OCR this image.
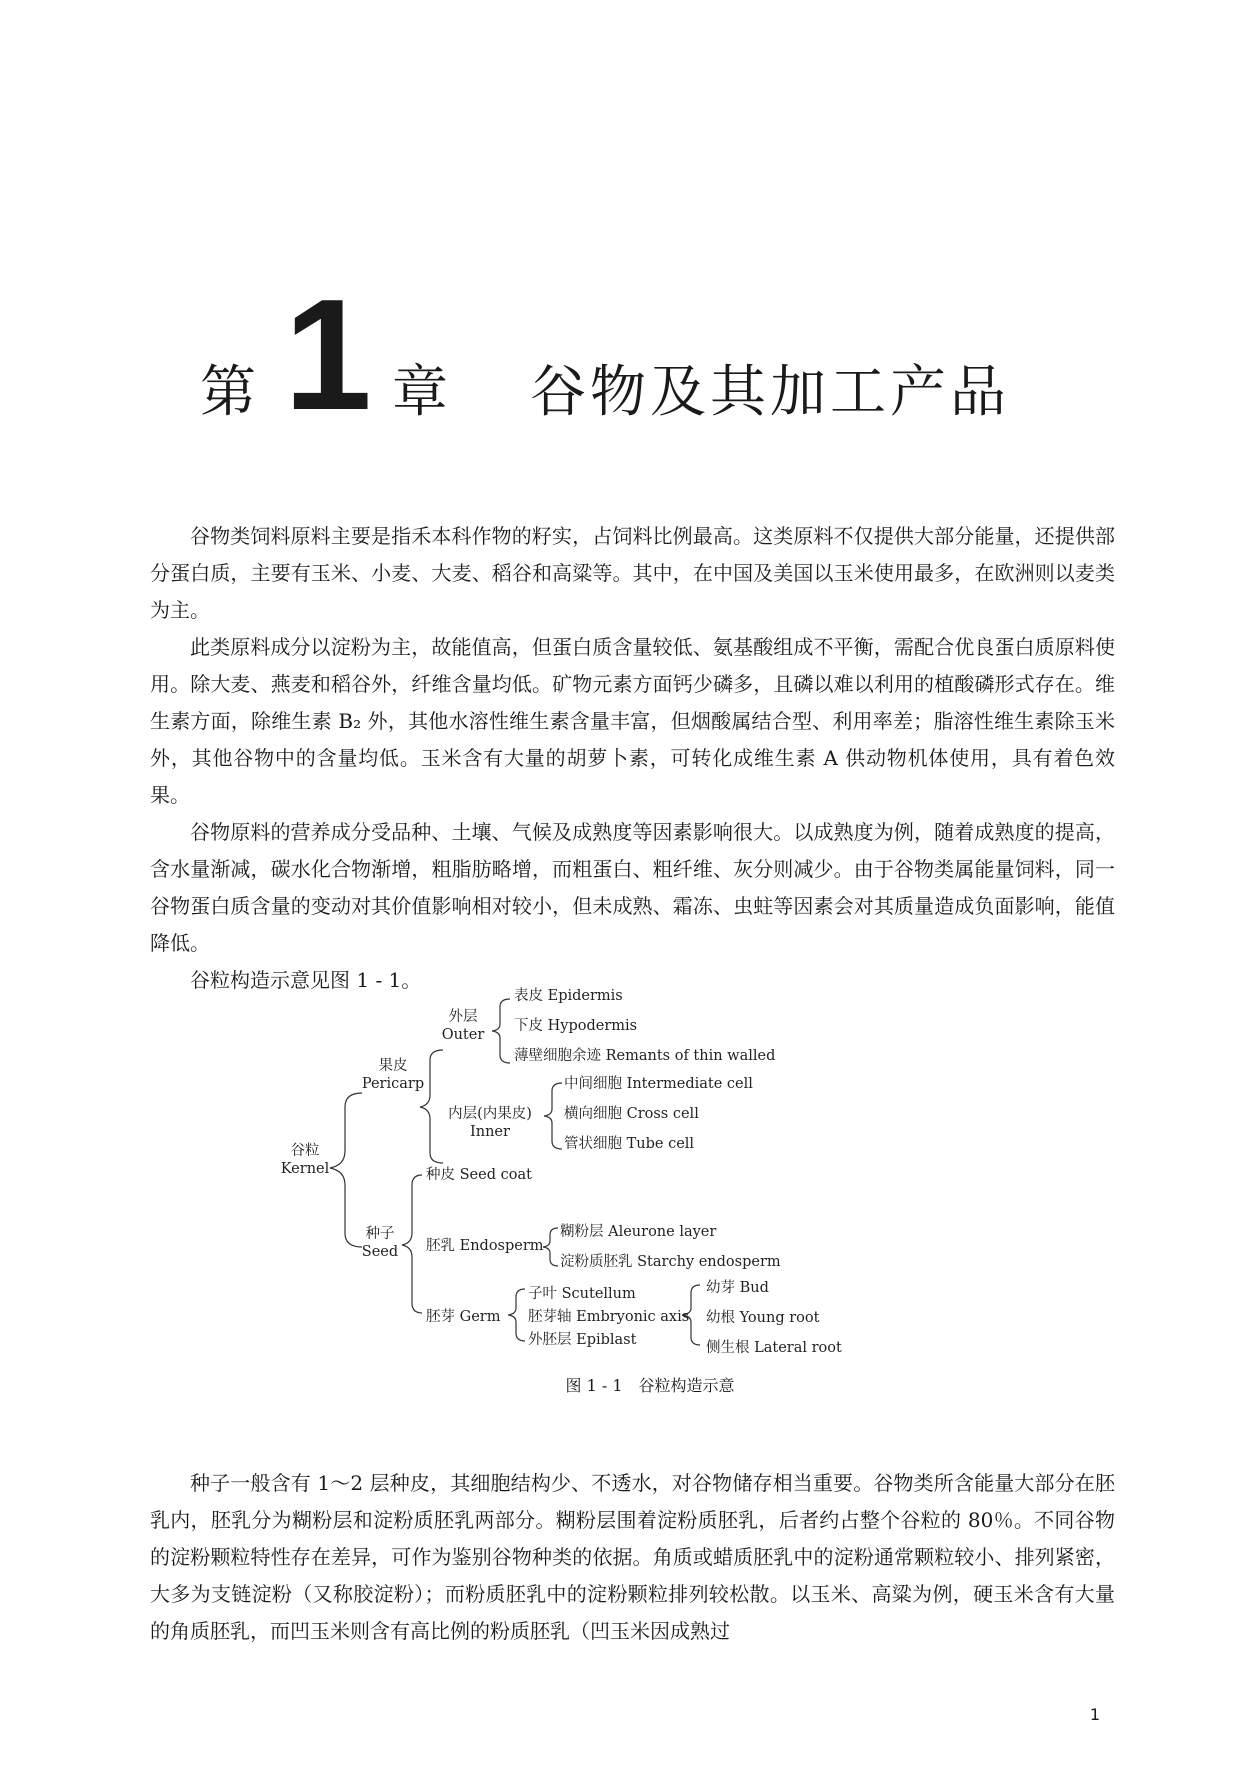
第 1 章 谷物及其加工产品

谷物类饲料原料主要是指禾本科作物的籽实，占饲料比例最高。这类原料不仅提供大部分能量，还提供部分蛋白质，主要有玉米、小麦、大麦、稻谷和高粱等。其中，在中国及美国以玉米使用最多，在欧洲则以麦类为主。

此类原料成分以淀粉为主，故能值高，但蛋白质含量较低、氨基酸组成不平衡，需配合优良蛋白质原料使用。除大麦、燕麦和稻谷外，纤维含量均低。矿物元素方面钙少磷多，且磷以难以利用的植酸磷形式存在。维生素方面，除维生素 B₂ 外，其他水溶性维生素含量丰富，但烟酸属结合型、利用率差；脂溶性维生素除玉米外，其他谷物中的含量均低。玉米含有大量的胡萝卜素，可转化成维生素 A 供动物机体使用，具有着色效果。

谷物原料的营养成分受品种、土壤、气候及成熟度等因素影响很大。以成熟度为例，随着成熟度的提高，含水量渐减，碳水化合物渐增，粗脂肪略增，而粗蛋白、粗纤维、灰分则减少。由于谷物类属能量饲料，同一谷物蛋白质含量的变动对其价值影响相对较小，但未成熟、霜冻、虫蛀等因素会对其质量造成负面影响，能值降低。

谷粒构造示意见图 1 - 1。

谷粒
Kernel
果皮
Pericarp
外层
Outer
表皮 Epidermis
下皮 Hypodermis
薄壁细胞余迹 Remants of thin walled
内层(内果皮)
Inner
中间细胞 Intermediate cell
横向细胞 Cross cell
管状细胞 Tube cell
种子
Seed
种皮 Seed coat
胚乳 Endosperm
糊粉层 Aleurone layer
淀粉质胚乳 Starchy endosperm
胚芽 Germ
子叶 Scutellum
胚芽轴 Embryonic axis
外胚层 Epiblast
幼芽 Bud
幼根 Young root
侧生根 Lateral root
图 1 - 1　谷粒构造示意

种子一般含有 1～2 层种皮，其细胞结构少、不透水，对谷物储存相当重要。谷物类所含能量大部分在胚乳内，胚乳分为糊粉层和淀粉质胚乳两部分。糊粉层围着淀粉质胚乳，后者约占整个谷粒的 80％。不同谷物的淀粉颗粒特性存在差异，可作为鉴别谷物种类的依据。角质或蜡质胚乳中的淀粉通常颗粒较小、排列紧密，大多为支链淀粉（又称胶淀粉）；而粉质胚乳中的淀粉颗粒排列较松散。以玉米、高粱为例，硬玉米含有大量的角质胚乳，而凹玉米则含有高比例的粉质胚乳（凹玉米因成熟过

1
